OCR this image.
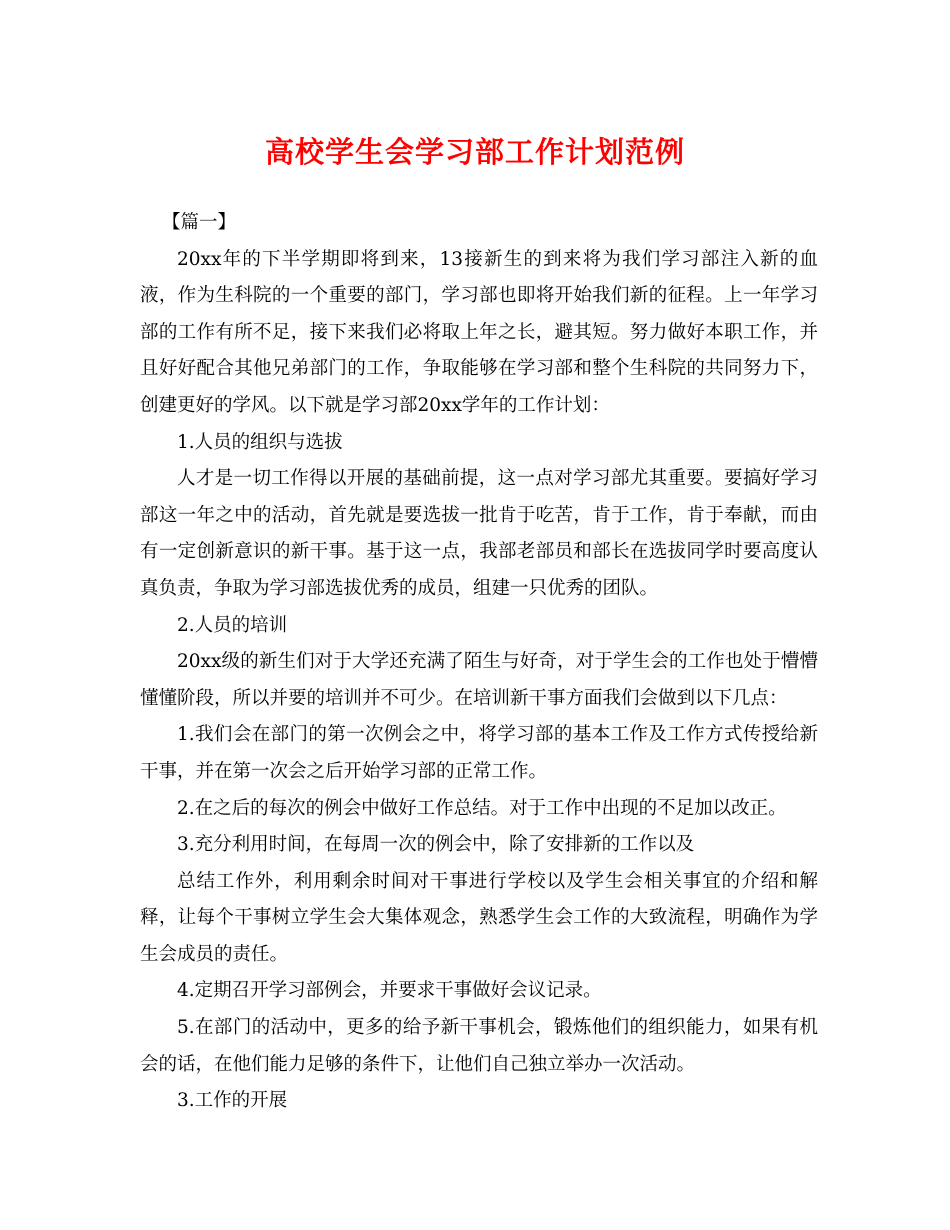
高校学生会学习部工作计划范例

【篇一】

20xx年的下半学期即将到来，13接新生的到来将为我们学习部注入新的血液，作为生科院的一个重要的部门，学习部也即将开始我们新的征程。上一年学习部的工作有所不足，接下来我们必将取上年之长，避其短。努力做好本职工作，并且好好配合其他兄弟部门的工作，争取能够在学习部和整个生科院的共同努力下，创建更好的学风。以下就是学习部20xx学年的工作计划：

1.人员的组织与选拔

人才是一切工作得以开展的基础前提，这一点对学习部尤其重要。要搞好学习部这一年之中的活动，首先就是要选拔一批肯于吃苦，肯于工作，肯于奉献，而由有一定创新意识的新干事。基于这一点，我部老部员和部长在选拔同学时要高度认真负责，争取为学习部选拔优秀的成员，组建一只优秀的团队。

2.人员的培训

20xx级的新生们对于大学还充满了陌生与好奇，对于学生会的工作也处于懵懵懂懂阶段，所以并要的培训并不可少。在培训新干事方面我们会做到以下几点：

1.我们会在部门的第一次例会之中，将学习部的基本工作及工作方式传授给新干事，并在第一次会之后开始学习部的正常工作。

2.在之后的每次的例会中做好工作总结。对于工作中出现的不足加以改正。

3.充分利用时间，在每周一次的例会中，除了安排新的工作以及

总结工作外，利用剩余时间对干事进行学校以及学生会相关事宜的介绍和解释，让每个干事树立学生会大集体观念，熟悉学生会工作的大致流程，明确作为学生会成员的责任。

4.定期召开学习部例会，并要求干事做好会议记录。

5.在部门的活动中，更多的给予新干事机会，锻炼他们的组织能力，如果有机会的话，在他们能力足够的条件下，让他们自己独立举办一次活动。

3.工作的开展
